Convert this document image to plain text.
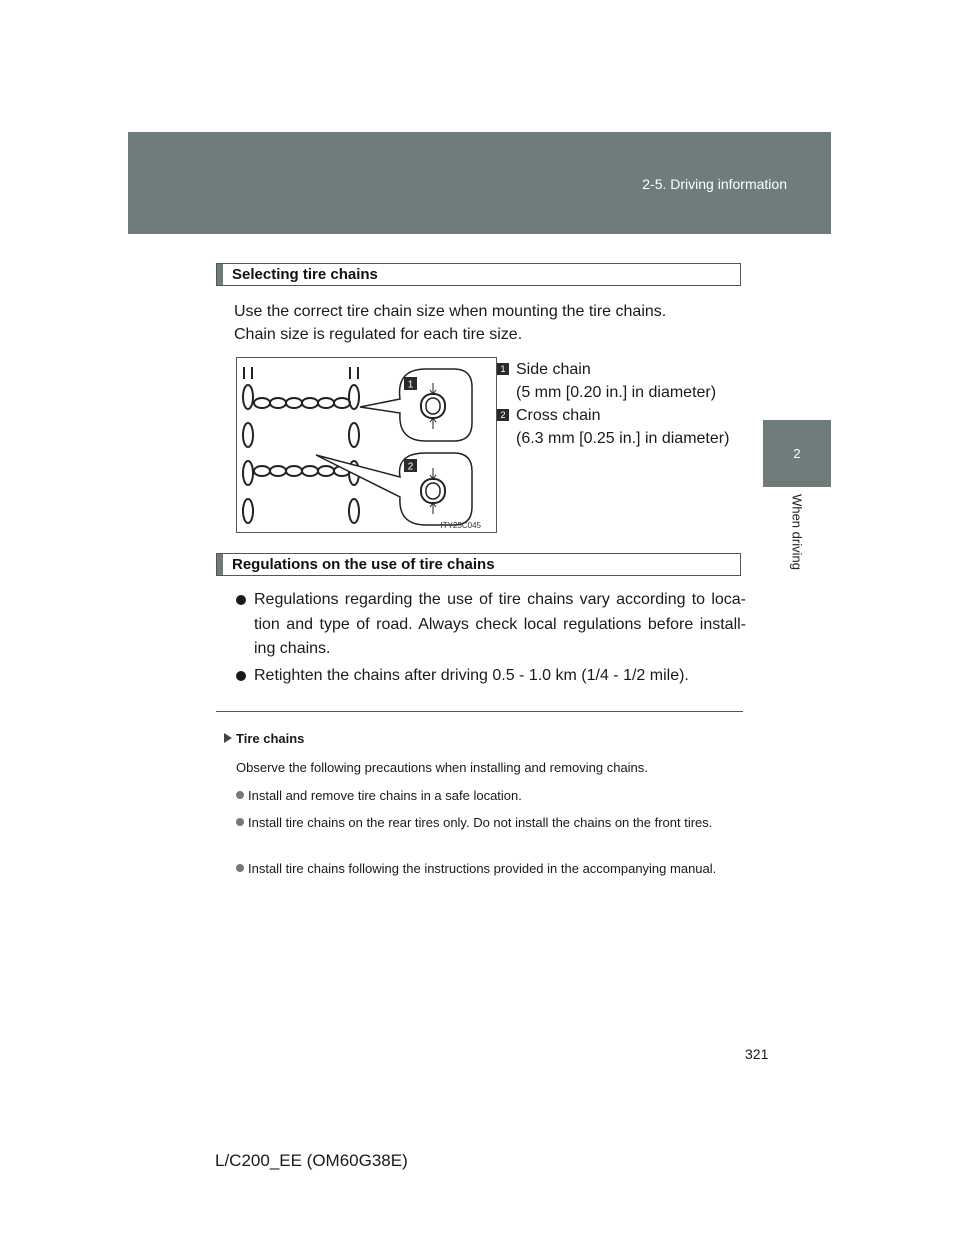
2-5. Driving information
2
When driving
Selecting tire chains
Use the correct tire chain size when mounting the tire chains.
Chain size is regulated for each tire size.
1
2
ITY25C045
1 Side chain
(5 mm [0.20 in.] in diameter)
2 Cross chain
(6.3 mm [0.25 in.] in diameter)
Regulations on the use of tire chains
Regulations regarding the use of tire chains vary according to loca-tion and type of road. Always check local regulations before install-ing chains.
Retighten the chains after driving 0.5 - 1.0 km (1/4 - 1/2 mile).
Tire chains
Observe the following precautions when installing and removing chains.
Install and remove tire chains in a safe location.
Install tire chains on the rear tires only. Do not install the chains on the front tires.
Install tire chains following the instructions provided in the accompanying manual.
321
L/C200_EE (OM60G38E)
